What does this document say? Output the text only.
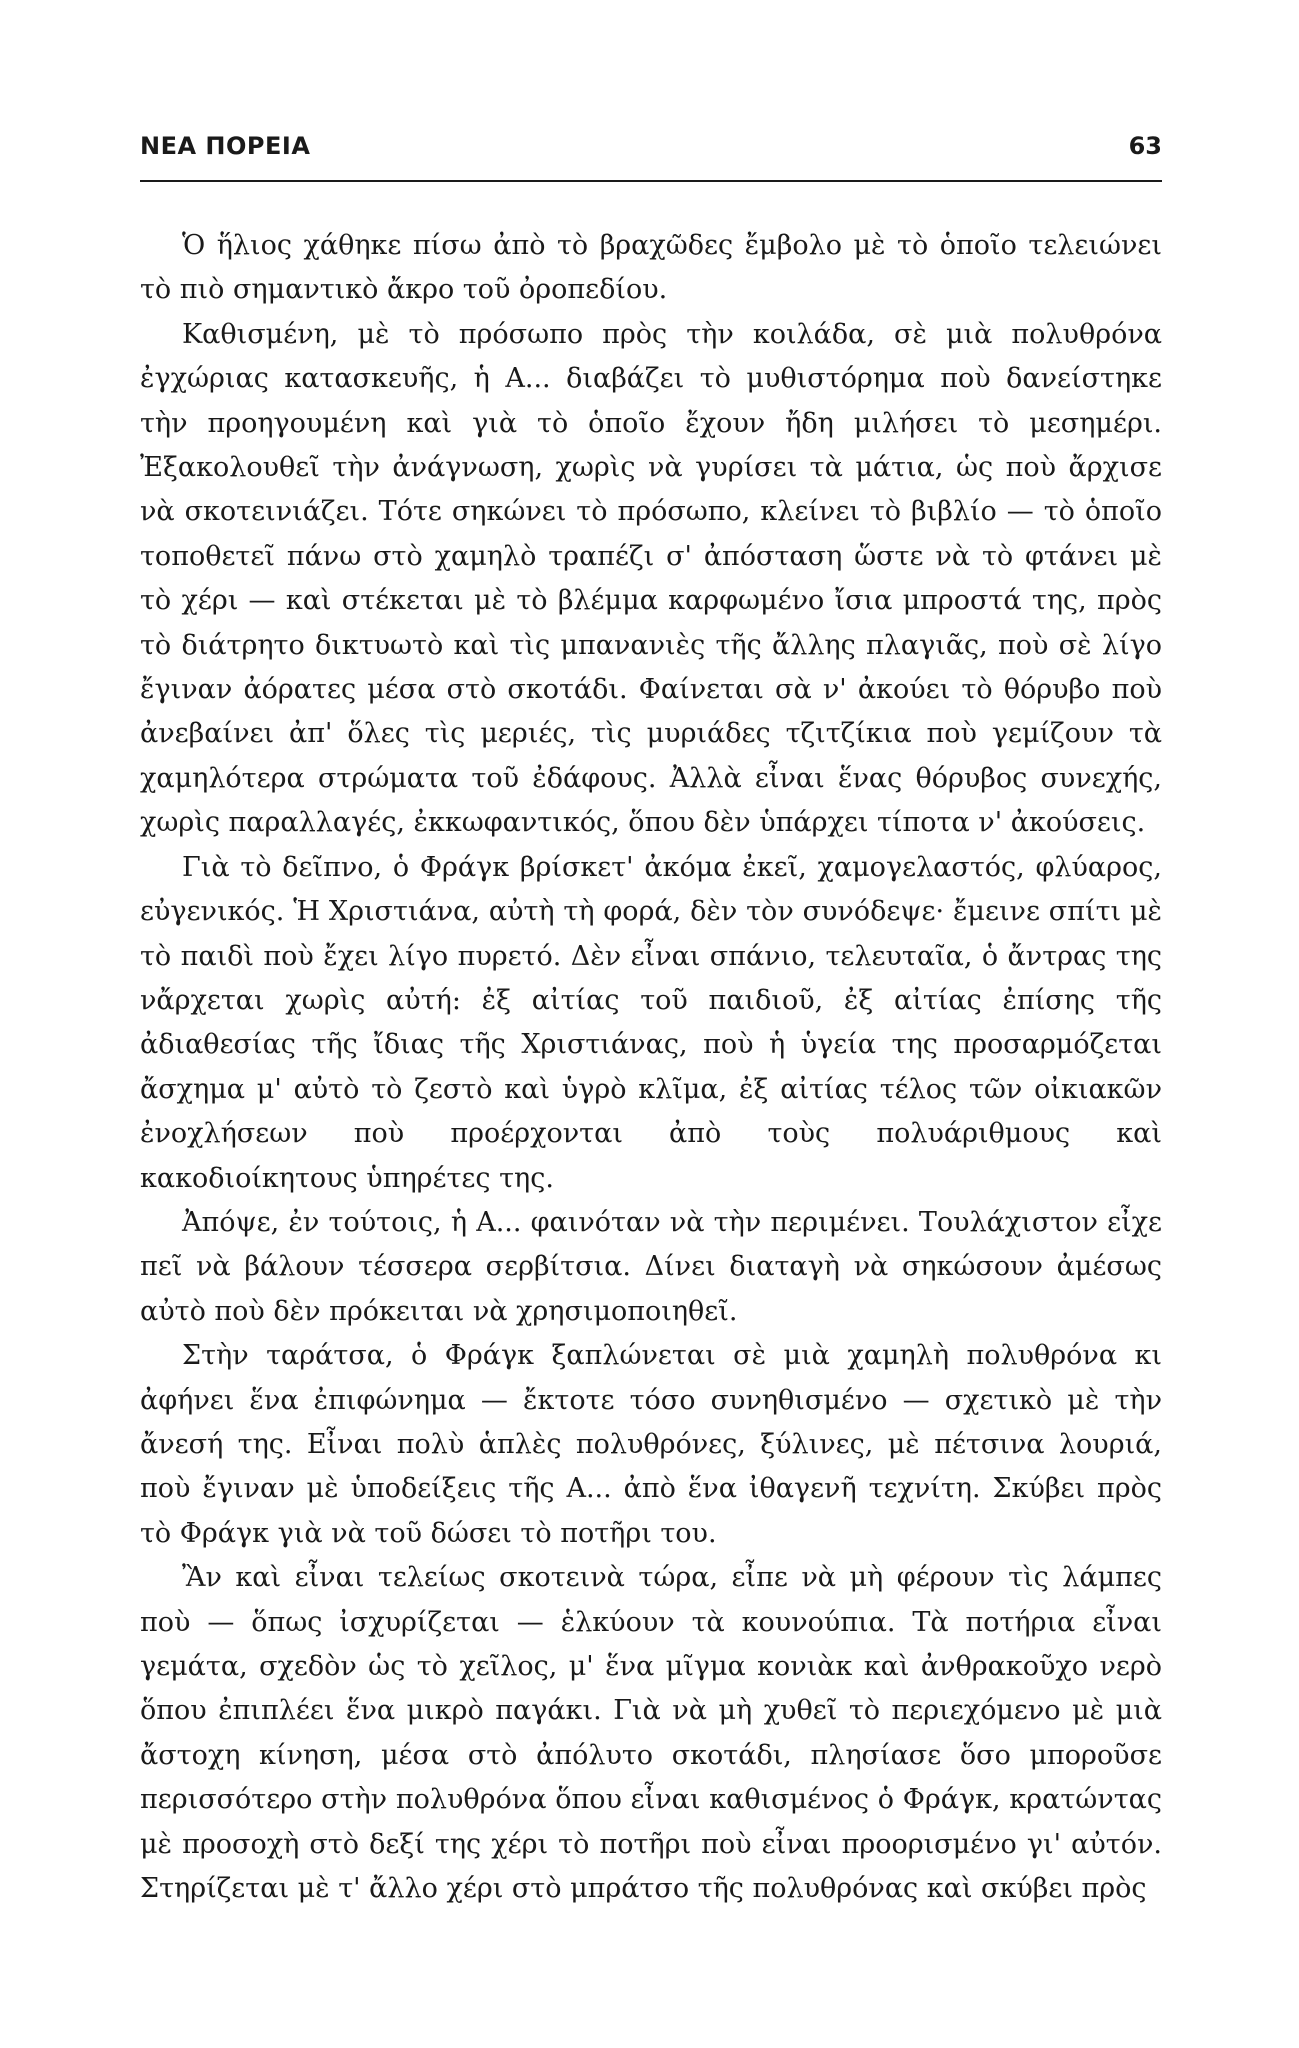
ΝΕΑ ΠΟΡΕΙΑ	63

Ὁ ἥλιος χάθηκε πίσω ἀπὸ τὸ βραχῶδες ἔμβολο μὲ τὸ ὁποῖο τελειώνει τὸ πιὸ σημαντικὸ ἄκρο τοῦ ὀροπεδίου.

Καθισμένη, μὲ τὸ πρόσωπο πρὸς τὴν κοιλάδα, σὲ μιὰ πολυθρόνα ἐγχώριας κατασκευῆς, ἡ Α... διαβάζει τὸ μυθιστόρημα ποὺ δανείστηκε τὴν προηγουμένη καὶ γιὰ τὸ ὁποῖο ἔχουν ἤδη μιλήσει τὸ μεσημέρι. Ἐξακολουθεῖ τὴν ἀνάγνωση, χωρὶς νὰ γυρίσει τὰ μάτια, ὡς ποὺ ἄρχισε νὰ σκοτεινιάζει. Τότε σηκώνει τὸ πρόσωπο, κλείνει τὸ βιβλίο — τὸ ὁποῖο τοποθετεῖ πάνω στὸ χαμηλὸ τραπέζι σ' ἀπόσταση ὥστε νὰ τὸ φτάνει μὲ τὸ χέρι — καὶ στέκεται μὲ τὸ βλέμμα καρφωμένο ἴσια μπροστά της, πρὸς τὸ διάτρητο δικτυωτὸ καὶ τὶς μπανανιὲς τῆς ἄλλης πλαγιᾶς, ποὺ σὲ λίγο ἔγιναν ἀόρατες μέσα στὸ σκοτάδι. Φαίνεται σὰ ν' ἀκούει τὸ θόρυβο ποὺ ἀνεβαίνει ἀπ' ὅλες τὶς μεριές, τὶς μυριάδες τζιτζίκια ποὺ γεμίζουν τὰ χαμηλότερα στρώματα τοῦ ἐδάφους. Ἀλλὰ εἶναι ἕνας θόρυβος συνεχής, χωρὶς παραλλαγές, ἐκκωφαντικός, ὅπου δὲν ὑπάρχει τίποτα ν' ἀκούσεις.

Γιὰ τὸ δεῖπνο, ὁ Φράγκ βρίσκετ' ἀκόμα ἐκεῖ, χαμογελαστός, φλύαρος, εὐγενικός. Ἡ Χριστιάνα, αὐτὴ τὴ φορά, δὲν τὸν συνόδεψε· ἔμεινε σπίτι μὲ τὸ παιδὶ ποὺ ἔχει λίγο πυρετό. Δὲν εἶναι σπάνιο, τελευταῖα, ὁ ἄντρας της νἄρχεται χωρὶς αὐτή: ἐξ αἰτίας τοῦ παιδιοῦ, ἐξ αἰτίας ἐπίσης τῆς ἀδιαθεσίας τῆς ἴδιας τῆς Χριστιάνας, ποὺ ἡ ὑγεία της προσαρμόζεται ἄσχημα μ' αὐτὸ τὸ ζεστὸ καὶ ὑγρὸ κλῖμα, ἐξ αἰτίας τέλος τῶν οἰκιακῶν ἐνοχλήσεων ποὺ προέρχονται ἀπὸ τοὺς πολυάριθμους καὶ κακοδιοίκητους ὑπηρέτες της.

Ἀπόψε, ἐν τούτοις, ἡ Α... φαινόταν νὰ τὴν περιμένει. Τουλάχιστον εἶχε πεῖ νὰ βάλουν τέσσερα σερβίτσια. Δίνει διαταγὴ νὰ σηκώσουν ἀμέσως αὐτὸ ποὺ δὲν πρόκειται νὰ χρησιμοποιηθεῖ.

Στὴν ταράτσα, ὁ Φράγκ ξαπλώνεται σὲ μιὰ χαμηλὴ πολυθρόνα κι ἀφήνει ἕνα ἐπιφώνημα — ἔκτοτε τόσο συνηθισμένο — σχετικὸ μὲ τὴν ἄνεσή της. Εἶναι πολὺ ἁπλὲς πολυθρόνες, ξύλινες, μὲ πέτσινα λουριά, ποὺ ἔγιναν μὲ ὑποδείξεις τῆς Α... ἀπὸ ἕνα ἰθαγενῆ τεχνίτη. Σκύβει πρὸς τὸ Φράγκ γιὰ νὰ τοῦ δώσει τὸ ποτῆρι του.

Ἂν καὶ εἶναι τελείως σκοτεινὰ τώρα, εἶπε νὰ μὴ φέρουν τὶς λάμπες ποὺ — ὅπως ἰσχυρίζεται — ἑλκύουν τὰ κουνούπια. Τὰ ποτήρια εἶναι γεμάτα, σχεδὸν ὡς τὸ χεῖλος, μ' ἕνα μῖγμα κονιὰκ καὶ ἀνθρακοῦχο νερὸ ὅπου ἐπιπλέει ἕνα μικρὸ παγάκι. Γιὰ νὰ μὴ χυθεῖ τὸ περιεχόμενο μὲ μιὰ ἄστοχη κίνηση, μέσα στὸ ἀπόλυτο σκοτάδι, πλησίασε ὅσο μποροῦσε περισσότερο στὴν πολυθρόνα ὅπου εἶναι καθισμένος ὁ Φράγκ, κρατώντας μὲ προσοχὴ στὸ δεξί της χέρι τὸ ποτῆρι ποὺ εἶναι προορισμένο γι' αὐτόν. Στηρίζεται μὲ τ' ἄλλο χέρι στὸ μπράτσο τῆς πολυθρόνας καὶ σκύβει πρὸς
